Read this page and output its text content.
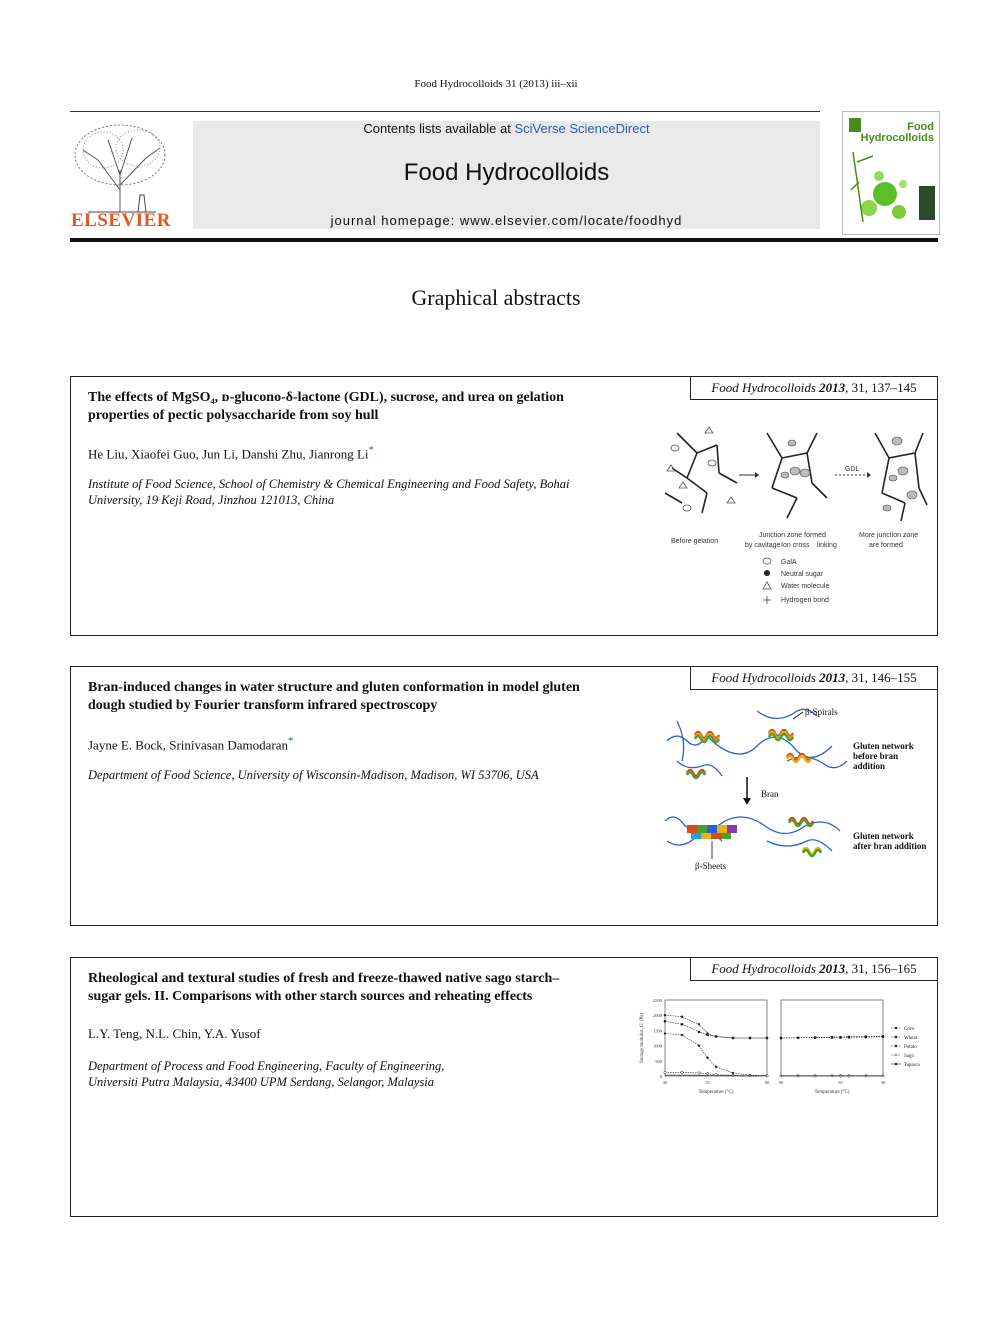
Food Hydrocolloids 31 (2013) iii–xii
ELSEVIER
Contents lists available at SciVerse ScienceDirect
Food Hydrocolloids
journal homepage: www.elsevier.com/locate/foodhyd
Food
Hydrocolloids
Graphical abstracts
Food Hydrocolloids 2013, 31, 137–145
The effects of MgSO₄, ᴅ-glucono-δ-lactone (GDL), sucrose, and urea on gelation
properties of pectic polysaccharide from soy hull
He Liu, Xiaofei Guo, Jun Li, Danshi Zhu, Jianrong Li*
Institute of Food Science, School of Chemistry & Chemical Engineering and Food Safety, Bohai
University, 19 Keji Road, Jinzhou 121013, China
GDL
Before gelation
Junction zone formed
by cavitage Ion cross linking
More junction zone
are formed
GalA
Neutral sugar
Water molecule
Hydrogen bond
Food Hydrocolloids 2013, 31, 146–155
Bran-induced changes in water structure and gluten conformation in model gluten
dough studied by Fourier transform infrared spectroscopy
Jayne E. Bock, Srinivasan Damodaran*
Department of Food Science, University of Wisconsin-Madison, Madison, WI 53706, USA
β-Spirals
Gluten network
before bran
addition
Bran
Gluten network
after bran addition
β-Sheets
Food Hydrocolloids 2013, 31, 156–165
Rheological and textural studies of fresh and freeze-thawed native sago starch–
sugar gels. II. Comparisons with other starch sources and reheating effects
L.Y. Teng, N.L. Chin, Y.A. Yusof
Department of Process and Food Engineering, Faculty of Engineering,
Universiti Putra Malaysia, 43400 UPM Serdang, Selangor, Malaysia
Storage modulus, G' (Pa)
2500
2000
1500
1000
500
0
30	55	90
Temperature (°C)
90	55	30
Temperature (°C)
Corn
Wheat
Potato
Sago
Tapioca
